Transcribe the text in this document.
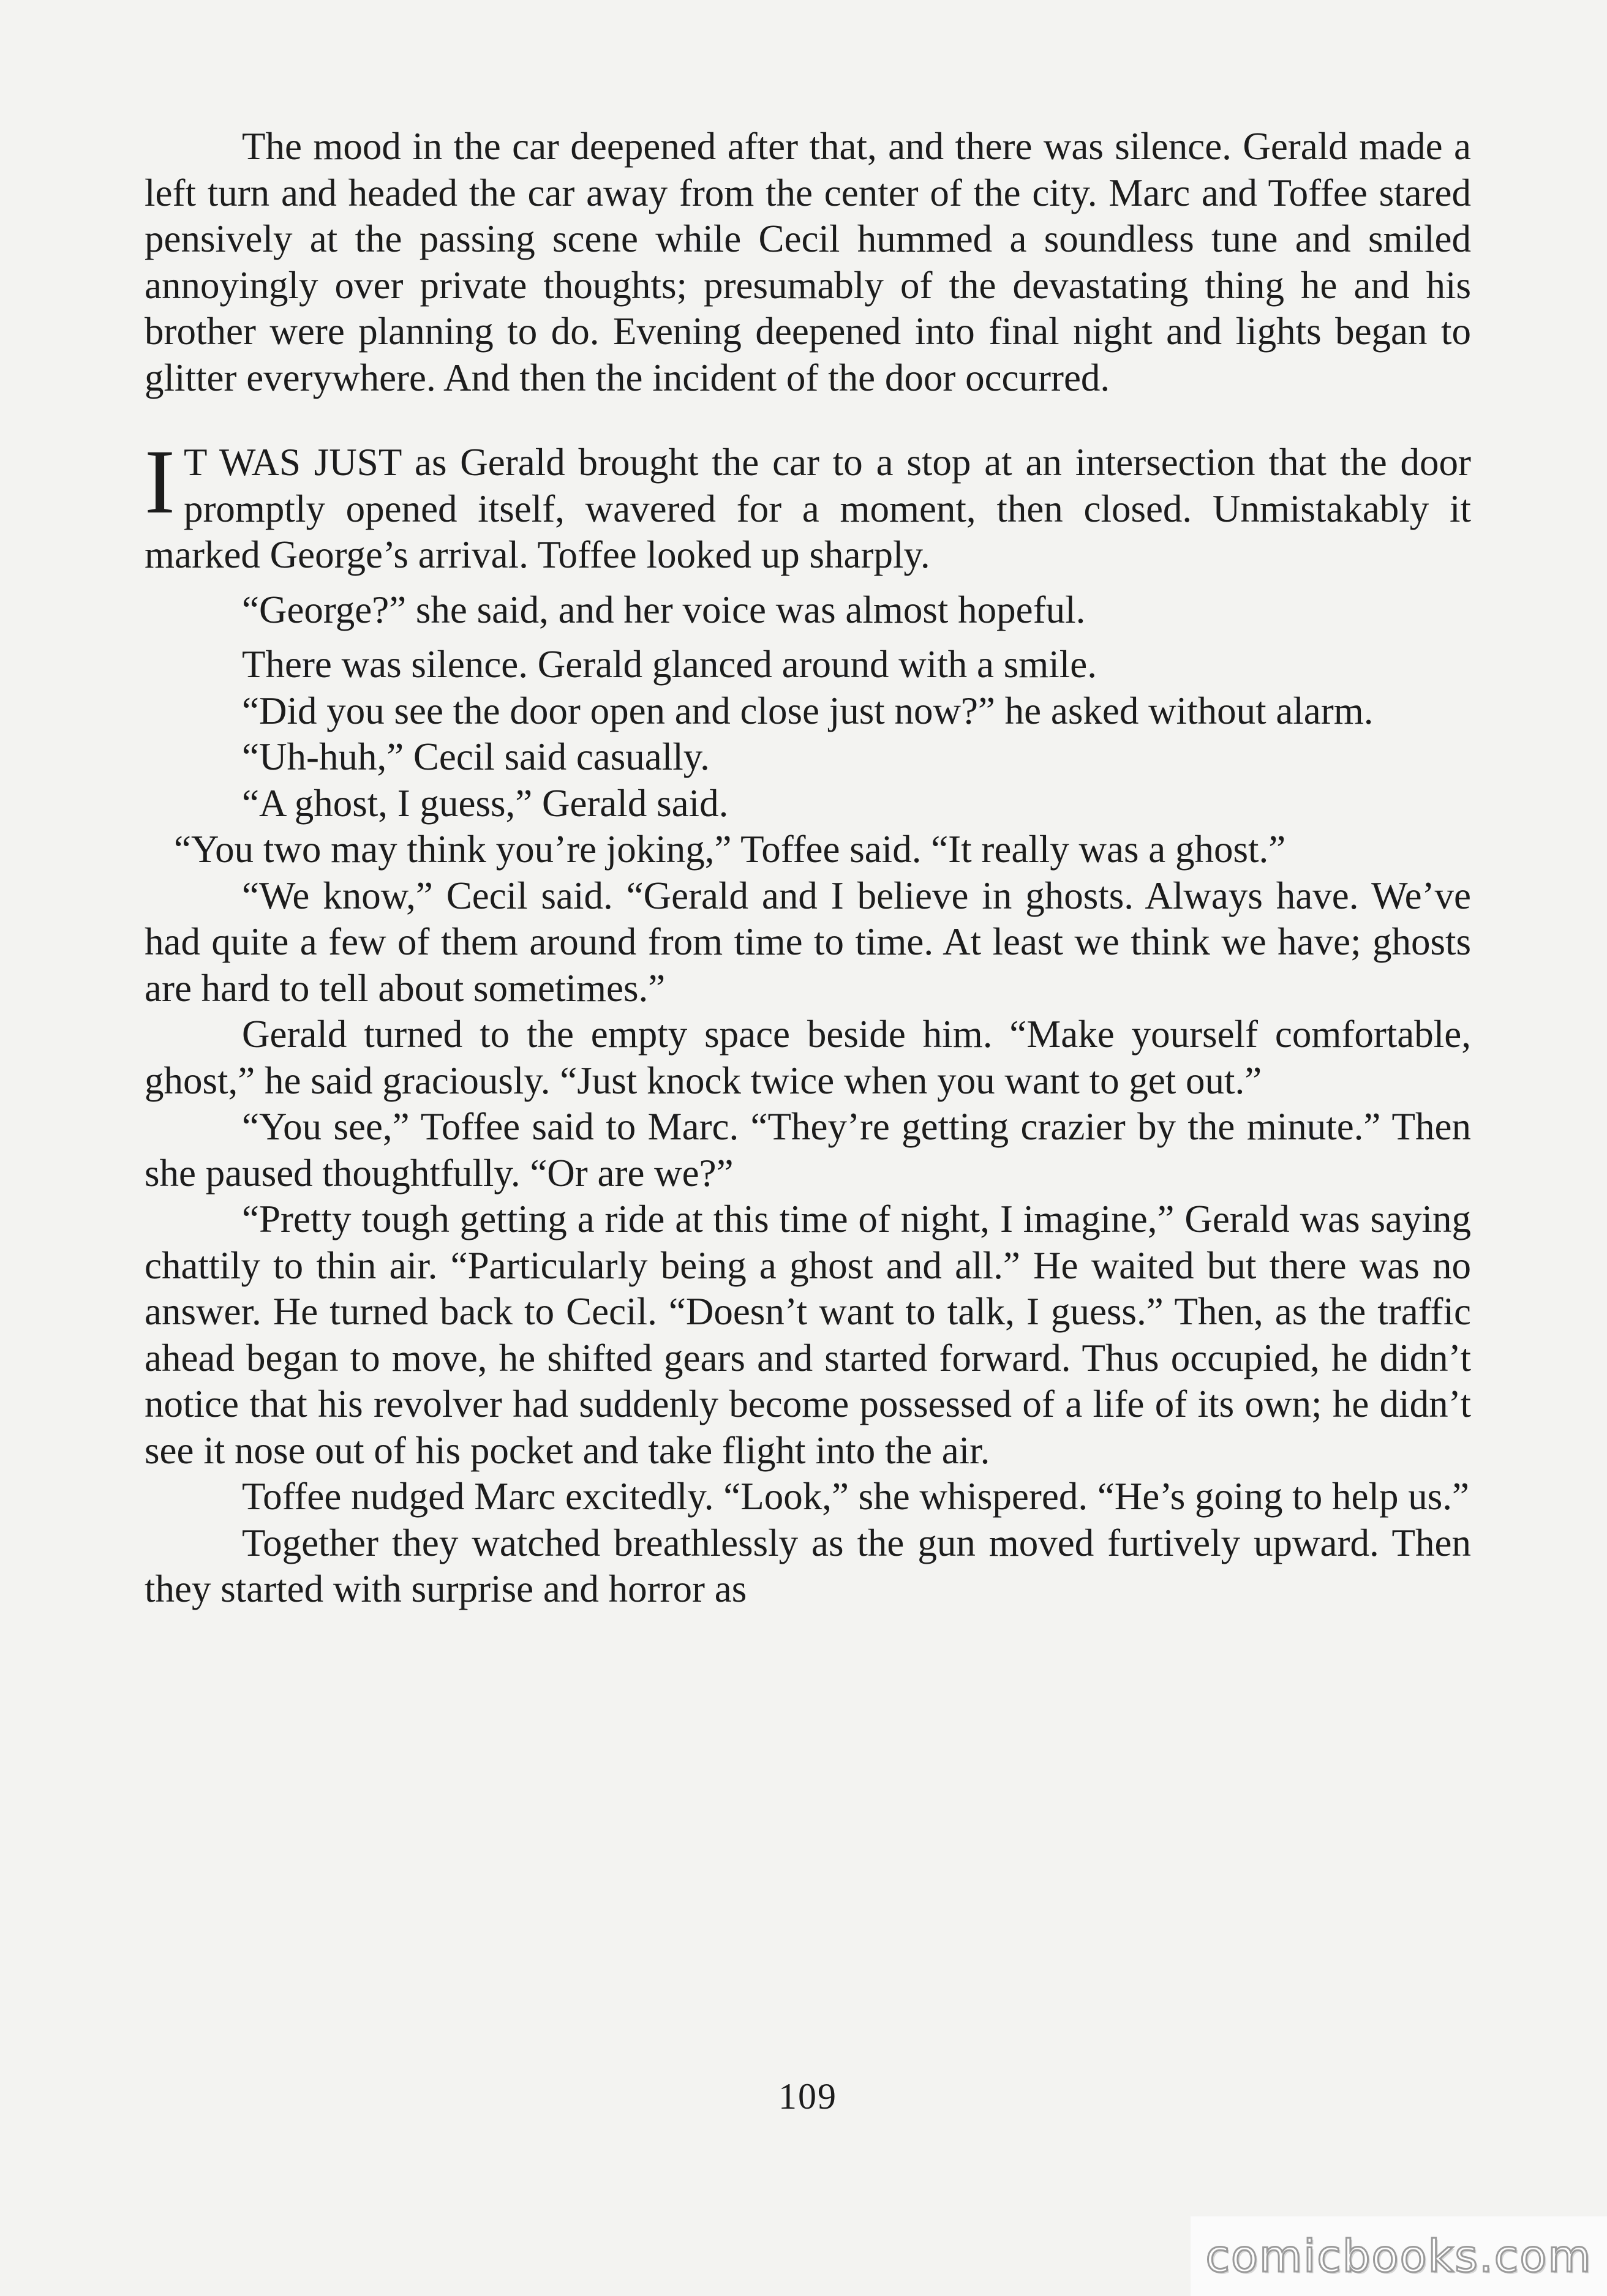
The mood in the car deepened after that, and there was silence. Gerald made a left turn and headed the car away from the center of the city. Marc and Toffee stared pensively at the passing scene while Cecil hummed a soundless tune and smiled annoyingly over private thoughts; presumably of the devastating thing he and his brother were planning to do. Evening deepened into final night and lights began to glitter everywhere. And then the incident of the door occurred.

I T WAS JUST as Gerald brought the car to a stop at an intersection that the door promptly opened itself, wavered for a moment, then closed. Unmistakably it marked George’s arrival. Toffee looked up sharply.

“George?” she said, and her voice was almost hopeful.

There was silence. Gerald glanced around with a smile.

“Did you see the door open and close just now?” he asked without alarm.

“Uh-huh,” Cecil said casually.

“A ghost, I guess,” Gerald said.

“You two may think you’re joking,” Toffee said. “It really was a ghost.”

“We know,” Cecil said. “Gerald and I believe in ghosts. Always have. We’ve had quite a few of them around from time to time. At least we think we have; ghosts are hard to tell about sometimes.”

Gerald turned to the empty space beside him. “Make yourself comfortable, ghost,” he said graciously. “Just knock twice when you want to get out.”

“You see,” Toffee said to Marc. “They’re getting crazier by the minute.” Then she paused thoughtfully. “Or are we?”

“Pretty tough getting a ride at this time of night, I imagine,” Gerald was saying chattily to thin air. “Particularly being a ghost and all.” He waited but there was no answer. He turned back to Cecil. “Doesn’t want to talk, I guess.” Then, as the traffic ahead began to move, he shifted gears and started forward. Thus occupied, he didn’t notice that his revolver had suddenly become possessed of a life of its own; he didn’t see it nose out of his pocket and take flight into the air.

Toffee nudged Marc excitedly. “Look,” she whispered. “He’s going to help us.”

Together they watched breathlessly as the gun moved furtively upward. Then they started with surprise and horror as

109
comicbooks.com
